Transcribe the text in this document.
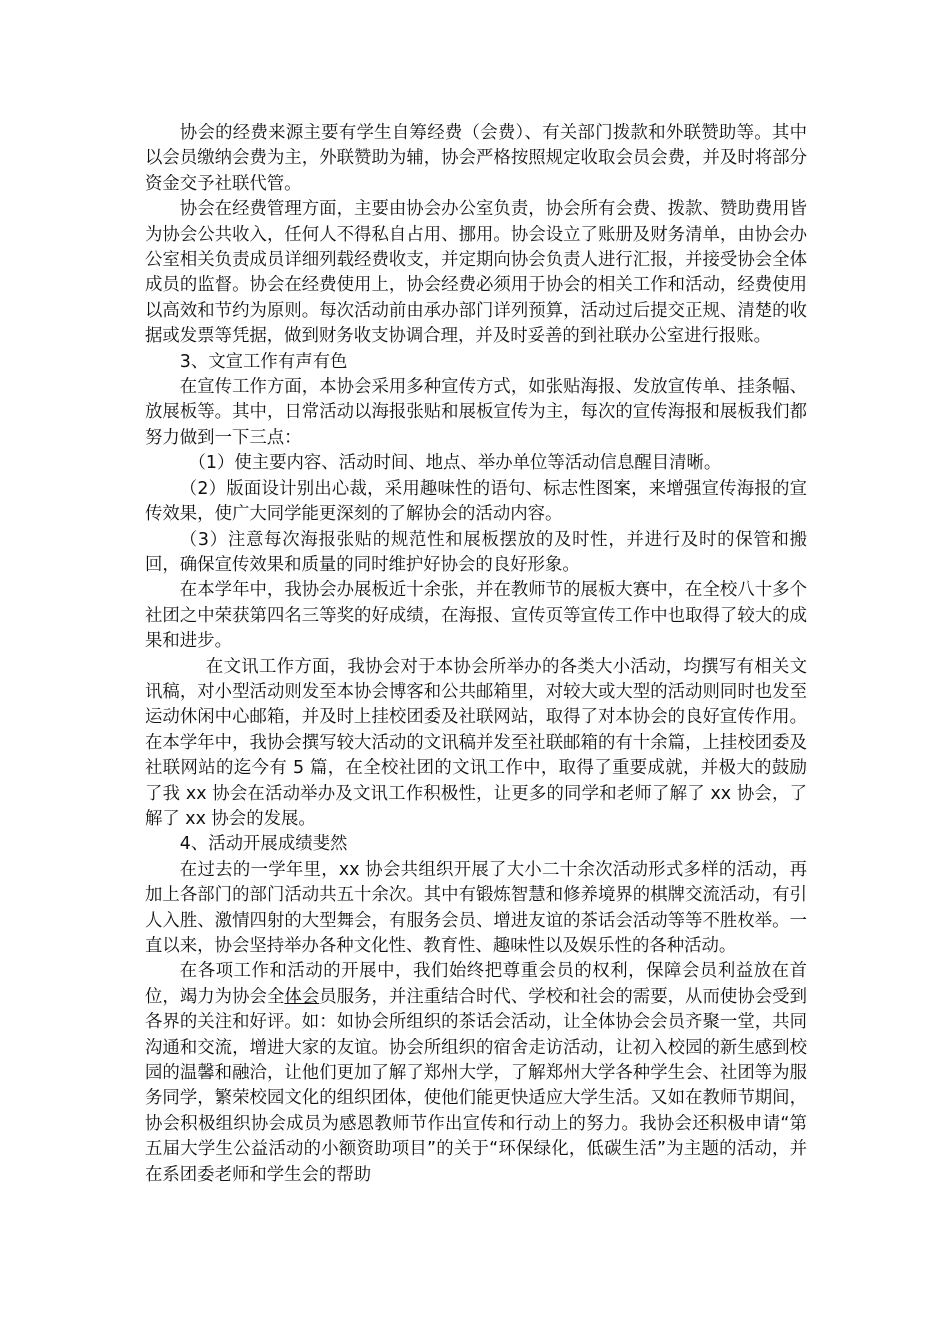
协会的经费来源主要有学生自筹经费（会费）、有关部门拨款和外联赞助等。其中以会员缴纳会费为主，外联赞助为辅，协会严格按照规定收取会员会费，并及时将部分资金交予社联代管。

协会在经费管理方面，主要由协会办公室负责，协会所有会费、拨款、赞助费用皆为协会公共收入，任何人不得私自占用、挪用。协会设立了账册及财务清单，由协会办公室相关负责成员详细列载经费收支，并定期向协会负责人进行汇报，并接受协会全体成员的监督。协会在经费使用上，协会经费必须用于协会的相关工作和活动，经费使用以高效和节约为原则。每次活动前由承办部门详列预算，活动过后提交正规、清楚的收据或发票等凭据，做到财务收支协调合理，并及时妥善的到社联办公室进行报账。

3、文宣工作有声有色

在宣传工作方面，本协会采用多种宣传方式，如张贴海报、发放宣传单、挂条幅、放展板等。其中，日常活动以海报张贴和展板宣传为主，每次的宣传海报和展板我们都努力做到一下三点：

（1）使主要内容、活动时间、地点、举办单位等活动信息醒目清晰。

（2）版面设计别出心裁，采用趣味性的语句、标志性图案，来增强宣传海报的宣传效果，使广大同学能更深刻的了解协会的活动内容。

（3）注意每次海报张贴的规范性和展板摆放的及时性，并进行及时的保管和搬回，确保宣传效果和质量的同时维护好协会的良好形象。

在本学年中，我协会办展板近十余张，并在教师节的展板大赛中，在全校八十多个社团之中荣获第四名三等奖的好成绩，在海报、宣传页等宣传工作中也取得了较大的成果和进步。

在文讯工作方面，我协会对于本协会所举办的各类大小活动，均撰写有相关文讯稿，对小型活动则发至本协会博客和公共邮箱里，对较大或大型的活动则同时也发至运动休闲中心邮箱，并及时上挂校团委及社联网站，取得了对本协会的良好宣传作用。在本学年中，我协会撰写较大活动的文讯稿并发至社联邮箱的有十余篇，上挂校团委及社联网站的迄今有 5 篇，在全校社团的文讯工作中，取得了重要成就，并极大的鼓励了我 xx 协会在活动举办及文讯工作积极性，让更多的同学和老师了解了 xx 协会，了解了 xx 协会的发展。

4、活动开展成绩斐然

在过去的一学年里，xx 协会共组织开展了大小二十余次活动形式多样的活动，再加上各部门的部门活动共五十余次。其中有锻炼智慧和修养境界的棋牌交流活动，有引人入胜、激情四射的大型舞会，有服务会员、增进友谊的茶话会活动等等不胜枚举。一直以来，协会坚持举办各种文化性、教育性、趣味性以及娱乐性的各种活动。

在各项工作和活动的开展中，我们始终把尊重会员的权利，保障会员利益放在首位，竭力为协会全体会员服务，并注重结合时代、学校和社会的需要，从而使协会受到各界的关注和好评。如：如协会所组织的茶话会活动，让全体协会会员齐聚一堂，共同沟通和交流，增进大家的友谊。协会所组织的宿舍走访活动，让初入校园的新生感到校园的温馨和融洽，让他们更加了解了郑州大学，了解郑州大学各种学生会、社团等为服务同学，繁荣校园文化的组织团体，使他们能更快适应大学生活。又如在教师节期间，协会积极组织协会成员为感恩教师节作出宣传和行动上的努力。我协会还积极申请“第五届大学生公益活动的小额资助项目”的关于“环保绿化，低碳生活”为主题的活动，并在系团委老师和学生会的帮助
